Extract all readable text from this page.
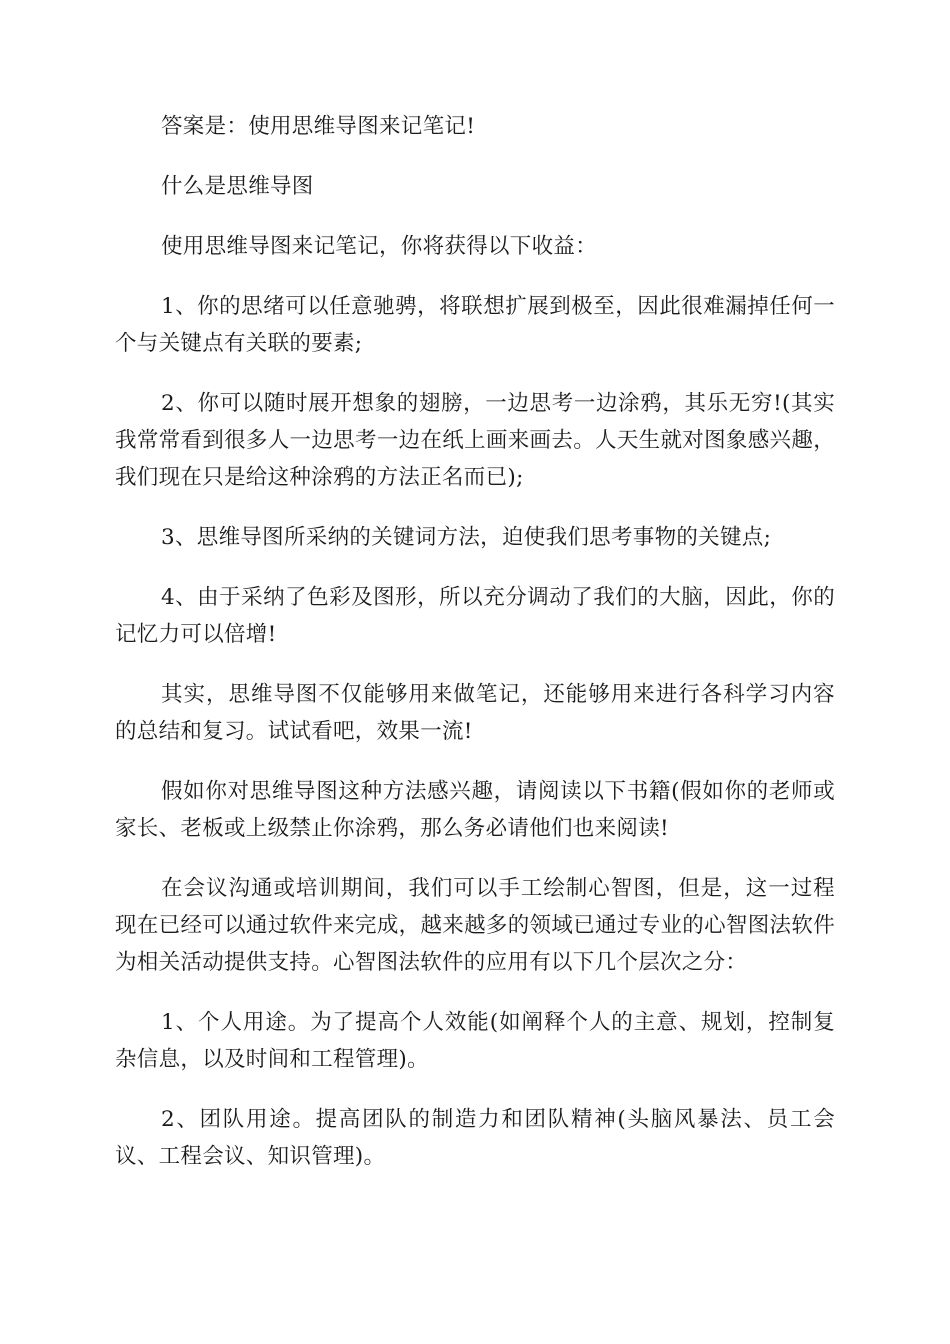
答案是：使用思维导图来记笔记!

什么是思维导图

使用思维导图来记笔记，你将获得以下收益：

1、你的思绪可以任意驰骋，将联想扩展到极至，因此很难漏掉任何一个与关键点有关联的要素;

2、你可以随时展开想象的翅膀，一边思考一边涂鸦，其乐无穷!(其实我常常看到很多人一边思考一边在纸上画来画去。人天生就对图象感兴趣，我们现在只是给这种涂鸦的方法正名而已);

3、思维导图所采纳的关键词方法，迫使我们思考事物的关键点;

4、由于采纳了色彩及图形，所以充分调动了我们的大脑，因此，你的记忆力可以倍增!

其实，思维导图不仅能够用来做笔记，还能够用来进行各科学习内容的总结和复习。试试看吧，效果一流!

假如你对思维导图这种方法感兴趣，请阅读以下书籍(假如你的老师或家长、老板或上级禁止你涂鸦，那么务必请他们也来阅读!

在会议沟通或培训期间，我们可以手工绘制心智图，但是，这一过程现在已经可以通过软件来完成，越来越多的领域已通过专业的心智图法软件为相关活动提供支持。心智图法软件的应用有以下几个层次之分：

1、个人用途。为了提高个人效能(如阐释个人的主意、规划，控制复杂信息，以及时间和工程管理)。

2、团队用途。提高团队的制造力和团队精神(头脑风暴法、员工会议、工程会议、知识管理)。
